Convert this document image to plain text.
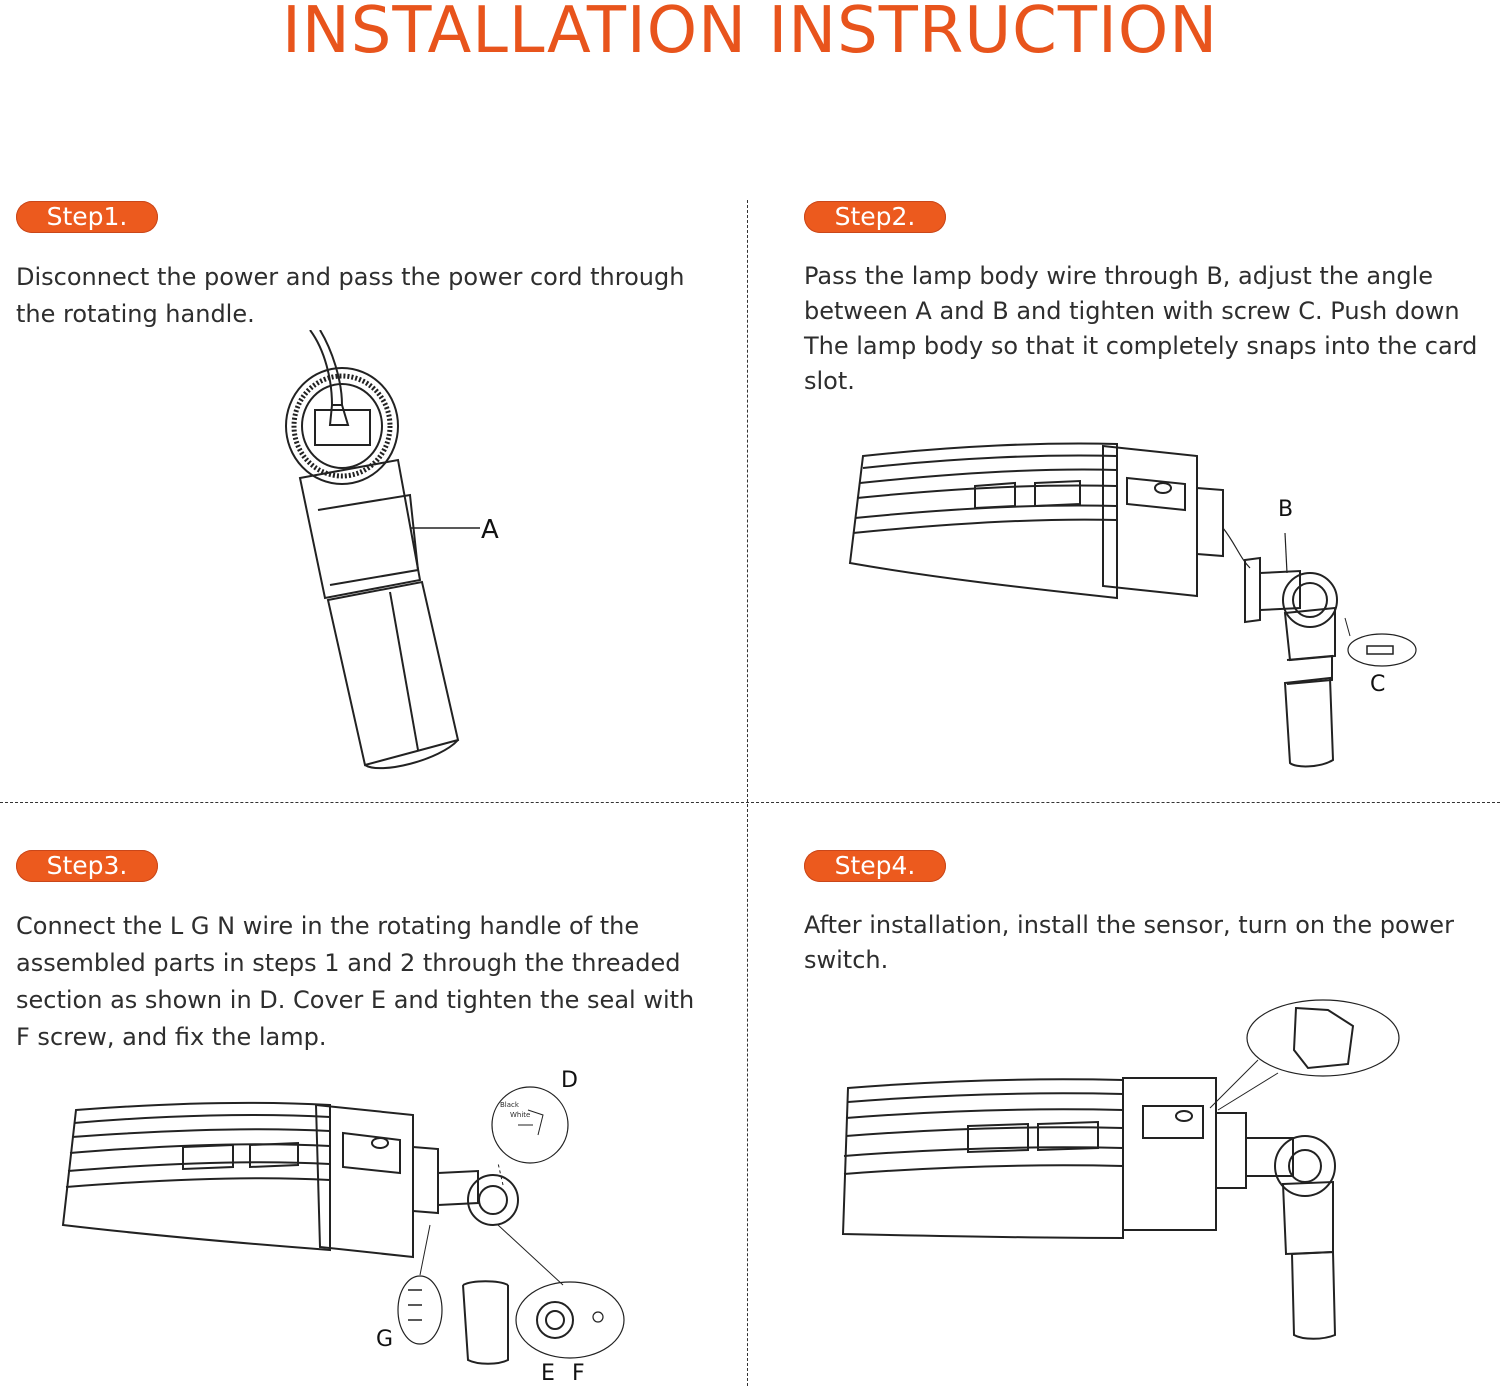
INSTALLATION INSTRUCTION
Step1.
Disconnect the power and pass the power cord through the rotating handle.
A
Step2.
Pass the lamp body wire through B, adjust the angle between A and B and tighten with screw C. Push down The lamp body so that it completely snaps into the card slot.
B
C
Step3.
Connect the L G N wire in the rotating handle of the assembled parts in steps 1 and 2 through the threaded section as shown in D. Cover E and tighten the seal with F screw, and fix the lamp.
Black
White
D
G
E F
Step4.
After installation, install the sensor, turn on the power switch.
